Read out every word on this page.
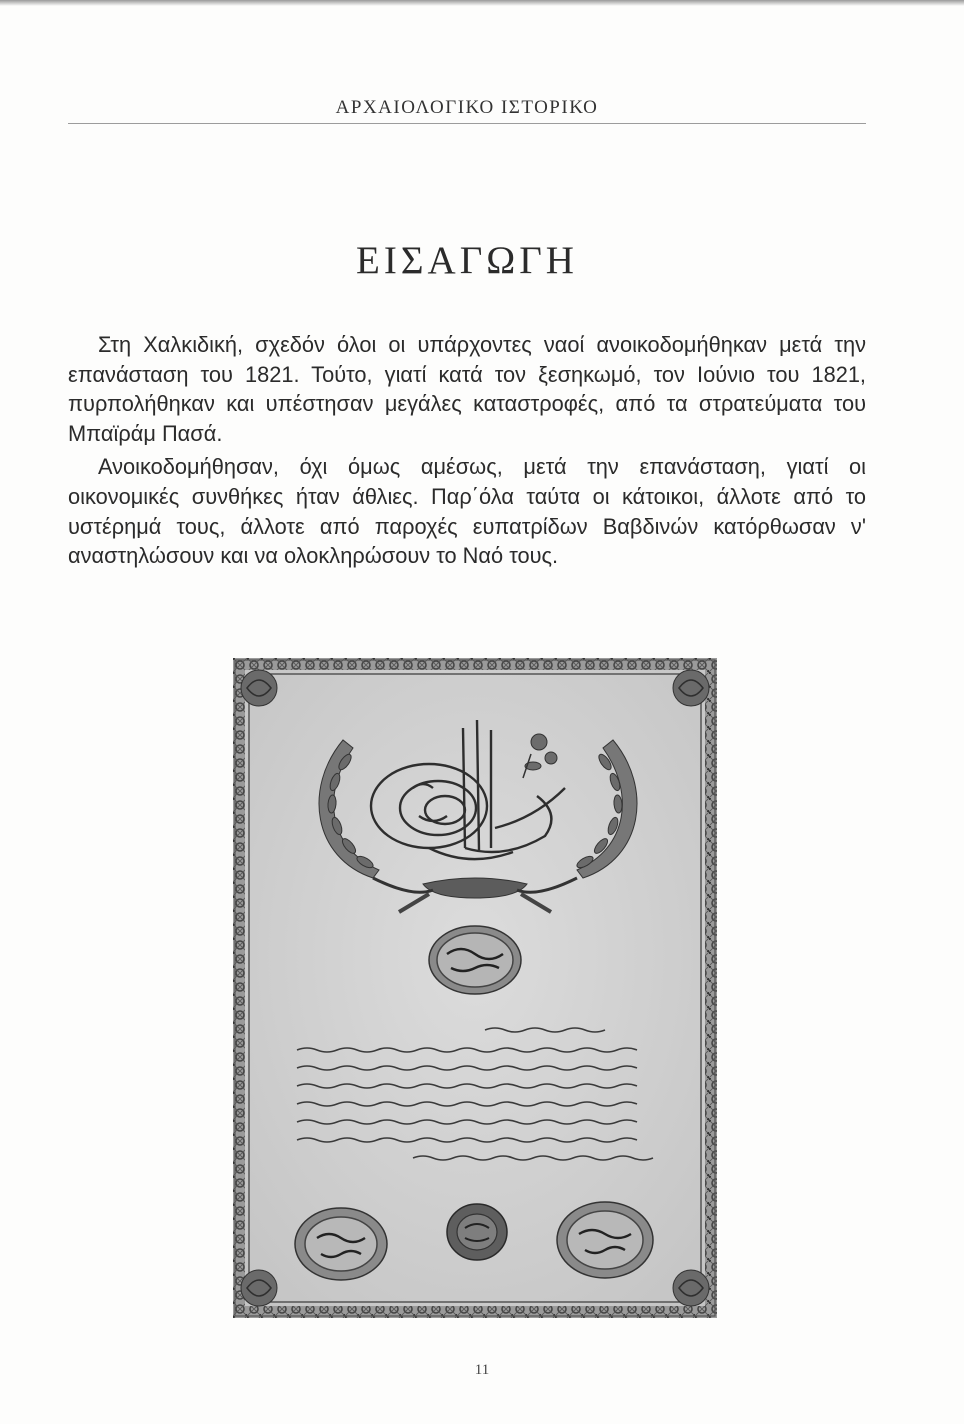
ΑΡΧΑΙΟΛΟΓΙΚΟ ΙΣΤΟΡΙΚΟ
ΕΙΣΑΓΩΓΗ

Στη Χαλκιδική, σχεδόν όλοι οι υπάρχοντες ναοί ανοικοδομήθηκαν μετά την επανάσταση του 1821. Τούτο, γιατί κατά τον ξεσηκωμό, τον Ιούνιο του 1821, πυρπολήθηκαν και υπέστησαν μεγάλες καταστροφές, από τα στρατεύματα του Μπαϊράμ Πασά.

Ανοικοδομήθησαν, όχι όμως αμέσως, μετά την επανάσταση, γιατί οι οικονομικές συνθήκες ήταν άθλιες. Παρ΄όλα ταύτα οι κάτοικοι, άλλοτε από το υστέρημά τους, άλλοτε από παροχές ευπατρίδων Βαβδινών κατόρθωσαν ν' αναστηλώσουν και να ολοκληρώσουν το Ναό τους.

11
